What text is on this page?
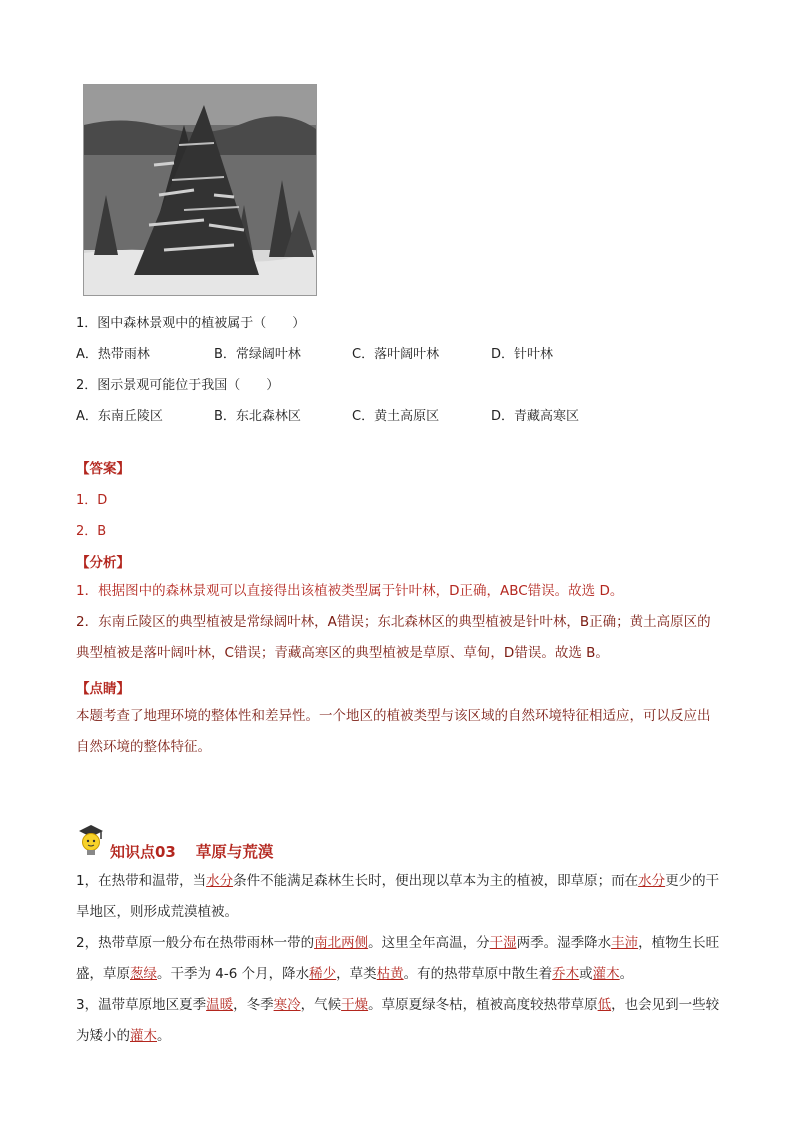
1．图中森林景观中的植被属于（　　）
A．热带雨林	B．常绿阔叶林	C．落叶阔叶林	D．针叶林
2．图示景观可能位于我国（　　）
A．东南丘陵区	B．东北森林区	C．黄土高原区	D．青藏高寒区
【答案】
1．D
2．B
【分析】
1．根据图中的森林景观可以直接得出该植被类型属于针叶林，D正确，ABC错误。故选 D。
2．东南丘陵区的典型植被是常绿阔叶林，A错误；东北森林区的典型植被是针叶林，B正确；黄土高原区的典型植被是落叶阔叶林，C错误；青藏高寒区的典型植被是草原、草甸，D错误。故选 B。
【点睛】
本题考查了地理环境的整体性和差异性。一个地区的植被类型与该区域的自然环境特征相适应，可以反应出自然环境的整体特征。
知识点03 草原与荒漠
1，在热带和温带，当水分条件不能满足森林生长时，便出现以草本为主的植被，即草原；而在水分更少的干旱地区，则形成荒漠植被。
2，热带草原一般分布在热带雨林一带的南北两侧。这里全年高温，分干湿两季。湿季降水丰沛，植物生长旺盛，草原葱绿。干季为 4-6 个月，降水稀少，草类枯黄。有的热带草原中散生着乔木或灌木。
3，温带草原地区夏季温暖，冬季寒冷，气候干燥。草原夏绿冬枯，植被高度较热带草原低，也会见到一些较为矮小的灌木。
